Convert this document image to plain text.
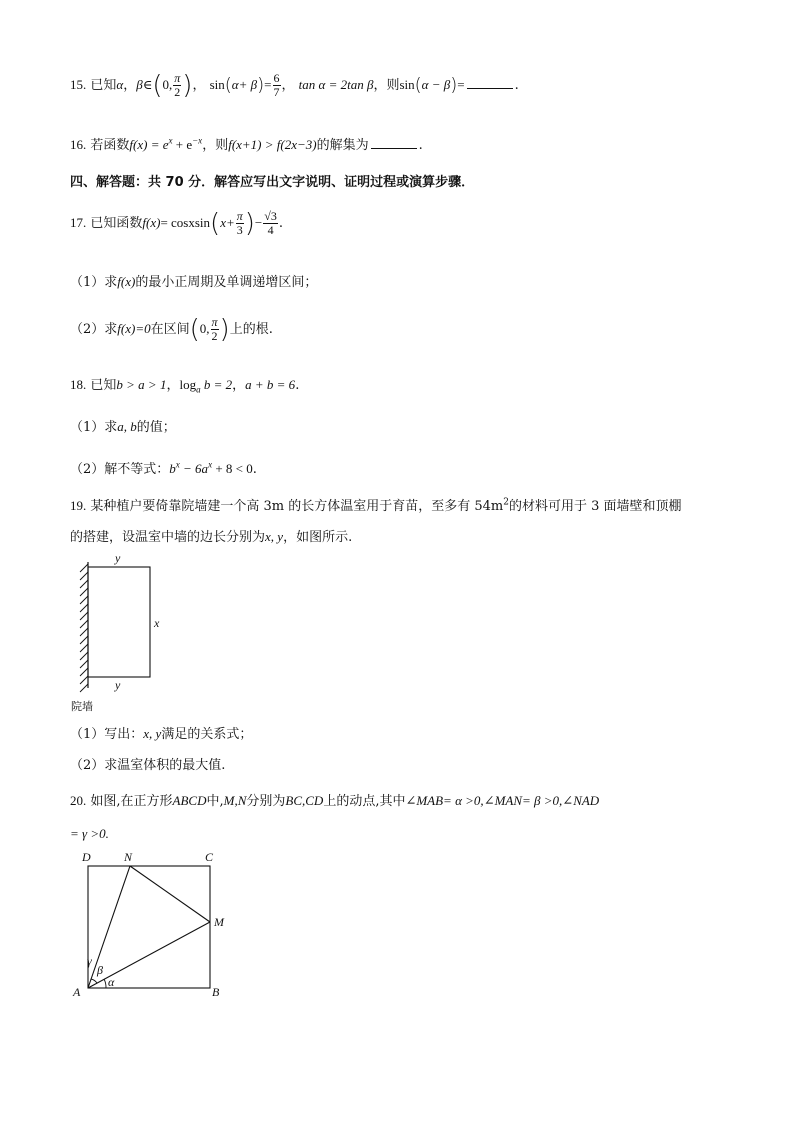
15. 已知α，β∈(0, $\frac{\pi}{2}$ )， $\sin(\alpha+ \beta)= \frac{6}{7}$ ， tan α = 2tan β，则sin(α − β)=	.
16. 若函数$f(x) = e^x + e^{-x}$，则f(x+1) > f(2x−3)的解集为	.
四、解答题：共 70 分．解答应写出文字说明、证明过程或演算步骤．
17. 已知函数f(x)= cosxsin(x+ $\frac{\pi}{3}$ )− $\frac{√3}{4}$ .
（1）求f(x)的最小正周期及单调递增区间；
（2）求f(x)=0在区间(0, $\frac{\pi}{2}$ )上的根.
18. 已知b > a > 1，$\log_a b = 2$，a + b = 6.
（1）求a, b的值；
（2）解不等式：$b^x - 6a^x + 8 < 0$.
19. 某种植户要倚靠院墙建一个高 3m 的长方体温室用于育苗，至多有 $54m^2$的材料可用于 3 面墙壁和顶棚
的搭建，设温室中墙的边长分别为x, y，如图所示.
y
x
y
院墙
（1）写出：x, y满足的关系式；
（2）求温室体积的最大值.
20. 如图,在正方形ABCD中,M,N分别为BC,CD上的动点,其中∠MAB= α >0,∠MAN= β >0,∠NAD
= γ >0.
D	N	C
M
A	B
γ
β
α
